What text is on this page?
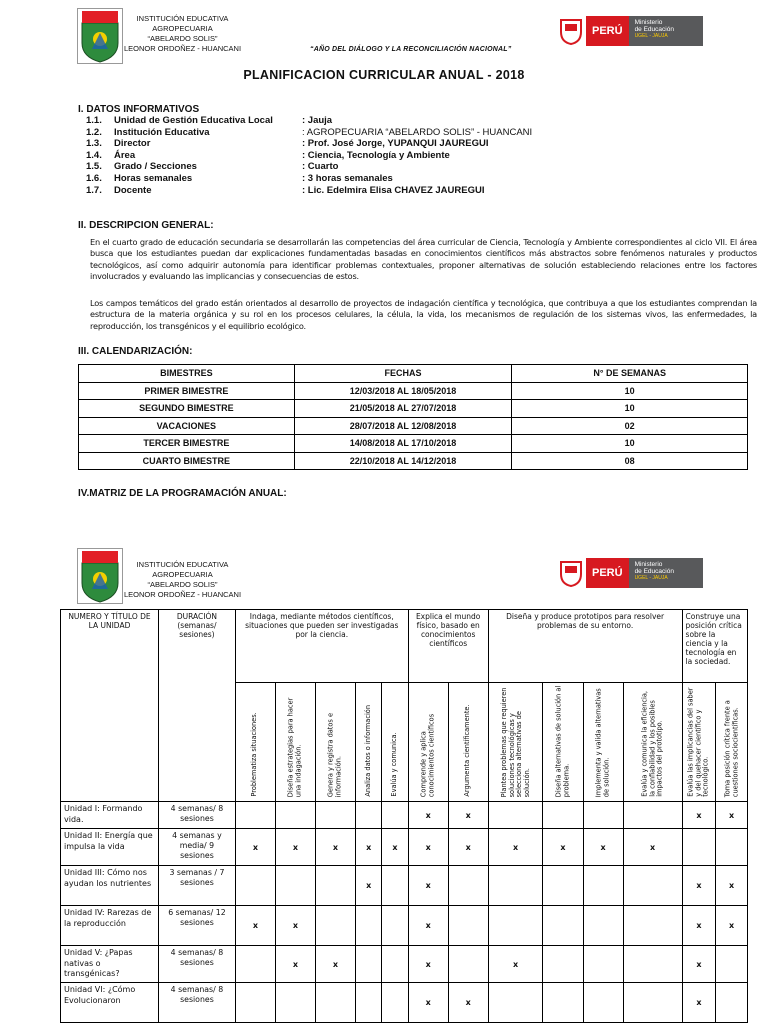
INSTITUCIÓN EDUCATIVA AGROPECUARIA
“ABELARDO SOLIS”
LEONOR ORDOÑEZ - HUANCANI
PERÚ
Ministerio
de Educación
UGEL - JAUJA
“AÑO DEL DIÁLOGO Y LA RECONCILIACIÓN NACIONAL”
PLANIFICACION CURRICULAR ANUAL - 2018
I. DATOS INFORMATIVOS
1.1.	Unidad de Gestión Educativa Local	: Jauja
1.2.	Institución Educativa	: AGROPECUARIA “ABELARDO SOLIS” - HUANCANI
1.3.	Director	: Prof. José Jorge, YUPANQUI JAUREGUI
1.4.	Área	: Ciencia, Tecnología y Ambiente
1.5.	Grado / Secciones	: Cuarto
1.6.	Horas semanales	: 3 horas semanales
1.7.	Docente	: Lic. Edelmira Elisa CHAVEZ JAUREGUI
II. DESCRIPCION GENERAL:
En el cuarto grado de educación secundaria se desarrollarán las competencias del área curricular de Ciencia, Tecnología y Ambiente correspondientes al ciclo VII. El área busca que los estudiantes puedan dar explicaciones fundamentadas basadas en conocimientos científicos más abstractos sobre fenómenos naturales y productos tecnológicos, así como adquirir autonomía para identificar problemas contextuales, proponer alternativas de solución estableciendo relaciones entre los factores involucrados y evaluando las implicancias y consecuencias de estos.
Los campos temáticos del grado están orientados al desarrollo de proyectos de indagación científica y tecnológica, que contribuya a que los estudiantes comprendan la estructura de la materia orgánica y su rol en los procesos celulares, la célula, la vida, los mecanismos de regulación de los sistemas vivos, las enfermedades, la reproducción, los transgénicos y el equilibrio ecológico.
III. CALENDARIZACIÓN:
BIMESTRES	FECHAS	N° DE SEMANAS
PRIMER BIMESTRE	12/03/2018 AL 18/05/2018	10
SEGUNDO BIMESTRE	21/05/2018 AL 27/07/2018	10
VACACIONES	28/07/2018 AL 12/08/2018	02
TERCER BIMESTRE	14/08/2018 AL 17/10/2018	10
CUARTO BIMESTRE	22/10/2018 AL 14/12/2018	08
IV.MATRIZ DE LA PROGRAMACIÓN ANUAL:
INSTITUCIÓN EDUCATIVA AGROPECUARIA
“ABELARDO SOLIS”
LEONOR ORDOÑEZ - HUANCANI
PERÚ
Ministerio
de Educación
UGEL - JAUJA
NUMERO Y TÍTULO DE LA UNIDAD	DURACIÓN (semanas/ sesiones)	Indaga, mediante métodos científicos, situaciones que pueden ser investigadas por la ciencia.					Explica el mundo físico, basado en conocimientos científicos		Diseña y produce prototipos para resolver problemas de su entorno.				Construye una posición crítica sobre la ciencia y la tecnología en la sociedad.	

		Problematiza situaciones.	Diseña estrategias para hacer una indagación.	Genera y registra datos e información.	Analiza datos o información	Evalúa y comunica.	Comprende y aplica conocimientos científicos	Argumenta científicamente.	Plantea problemas que requieren soluciones tecnológicas y selecciona alternativas de solución.	Diseña alternativas de solución al problema.	Implementa y valida alternativas de solución.	Evalúa y comunica la eficiencia, la confiabilidad y los posibles impactos del prototipo.	Evalúa las implicancias del saber y del quehacer científico y tecnológico.	Toma posición crítica frente a cuestiones sociocientíficas.

Unidad I: Formando vida.	4 semanas/ 8 sesiones						x	x					x	x
Unidad II: Energía que impulsa la vida	4 semanas y media/ 9 sesiones	x	x	x	x	x	x	x	x	x	x	x		
Unidad III: Cómo nos ayudan los nutrientes	3 semanas / 7 sesiones				x		x						x	x
Unidad IV: Rarezas de la reproducción	6 semanas/ 12 sesiones	x	x				x						x	x
Unidad V: ¿Papas nativas o transgénicas?	4 semanas/ 8 sesiones		x	x			x		x				x	
Unidad VI: ¿Cómo Evolucionaron	4 semanas/ 8 sesiones						x	x					x	
